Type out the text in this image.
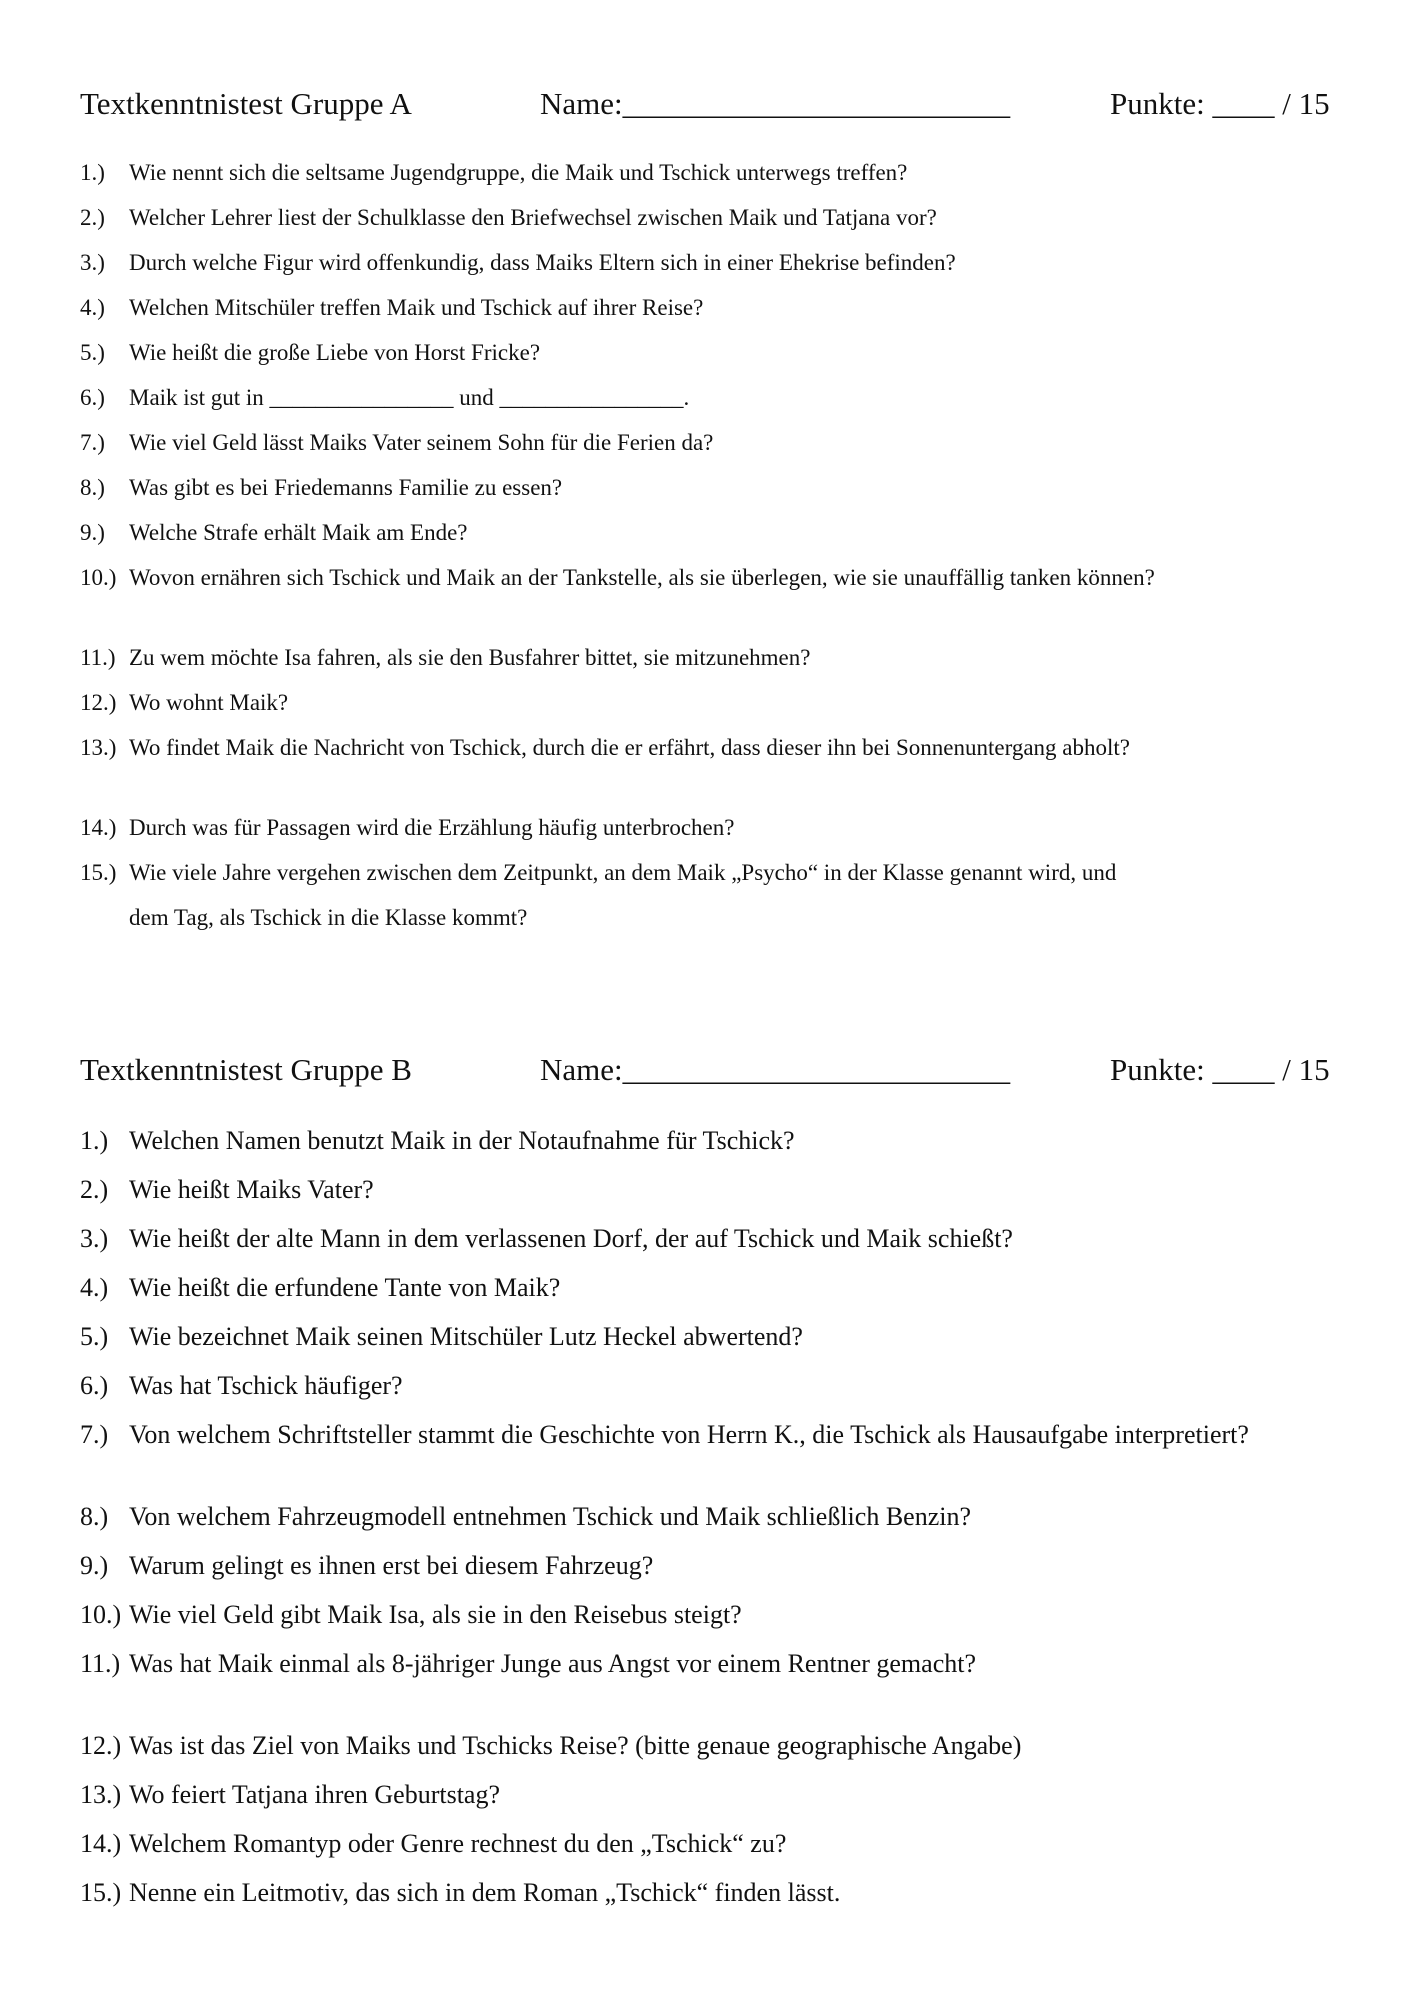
Textkenntnistest Gruppe A	Name:_________________________	Punkte: ____ / 15
1.) Wie nennt sich die seltsame Jugendgruppe, die Maik und Tschick unterwegs treffen?
2.) Welcher Lehrer liest der Schulklasse den Briefwechsel zwischen Maik und Tatjana vor?
3.) Durch welche Figur wird offenkundig, dass Maiks Eltern sich in einer Ehekrise befinden?
4.) Welchen Mitschüler treffen Maik und Tschick auf ihrer Reise?
5.) Wie heißt die große Liebe von Horst Fricke?
6.) Maik ist gut in ________________ und ________________.
7.) Wie viel Geld lässt Maiks Vater seinem Sohn für die Ferien da?
8.) Was gibt es bei Friedemanns Familie zu essen?
9.) Welche Strafe erhält Maik am Ende?
10.) Wovon ernähren sich Tschick und Maik an der Tankstelle, als sie überlegen, wie sie unauffällig tanken können?
11.) Zu wem möchte Isa fahren, als sie den Busfahrer bittet, sie mitzunehmen?
12.) Wo wohnt Maik?
13.) Wo findet Maik die Nachricht von Tschick, durch die er erfährt, dass dieser ihn bei Sonnenuntergang abholt?
14.) Durch was für Passagen wird die Erzählung häufig unterbrochen?
15.) Wie viele Jahre vergehen zwischen dem Zeitpunkt, an dem Maik „Psycho“ in der Klasse genannt wird, und
dem Tag, als Tschick in die Klasse kommt?
Textkenntnistest Gruppe B	Name:_________________________	Punkte: ____ / 15
1.) Welchen Namen benutzt Maik in der Notaufnahme für Tschick?
2.) Wie heißt Maiks Vater?
3.) Wie heißt der alte Mann in dem verlassenen Dorf, der auf Tschick und Maik schießt?
4.) Wie heißt die erfundene Tante von Maik?
5.) Wie bezeichnet Maik seinen Mitschüler Lutz Heckel abwertend?
6.) Was hat Tschick häufiger?
7.) Von welchem Schriftsteller stammt die Geschichte von Herrn K., die Tschick als Hausaufgabe interpretiert?
8.) Von welchem Fahrzeugmodell entnehmen Tschick und Maik schließlich Benzin?
9.) Warum gelingt es ihnen erst bei diesem Fahrzeug?
10.) Wie viel Geld gibt Maik Isa, als sie in den Reisebus steigt?
11.) Was hat Maik einmal als 8-jähriger Junge aus Angst vor einem Rentner gemacht?
12.) Was ist das Ziel von Maiks und Tschicks Reise? (bitte genaue geographische Angabe)
13.) Wo feiert Tatjana ihren Geburtstag?
14.) Welchem Romantyp oder Genre rechnest du den „Tschick“ zu?
15.) Nenne ein Leitmotiv, das sich in dem Roman „Tschick“ finden lässt.
